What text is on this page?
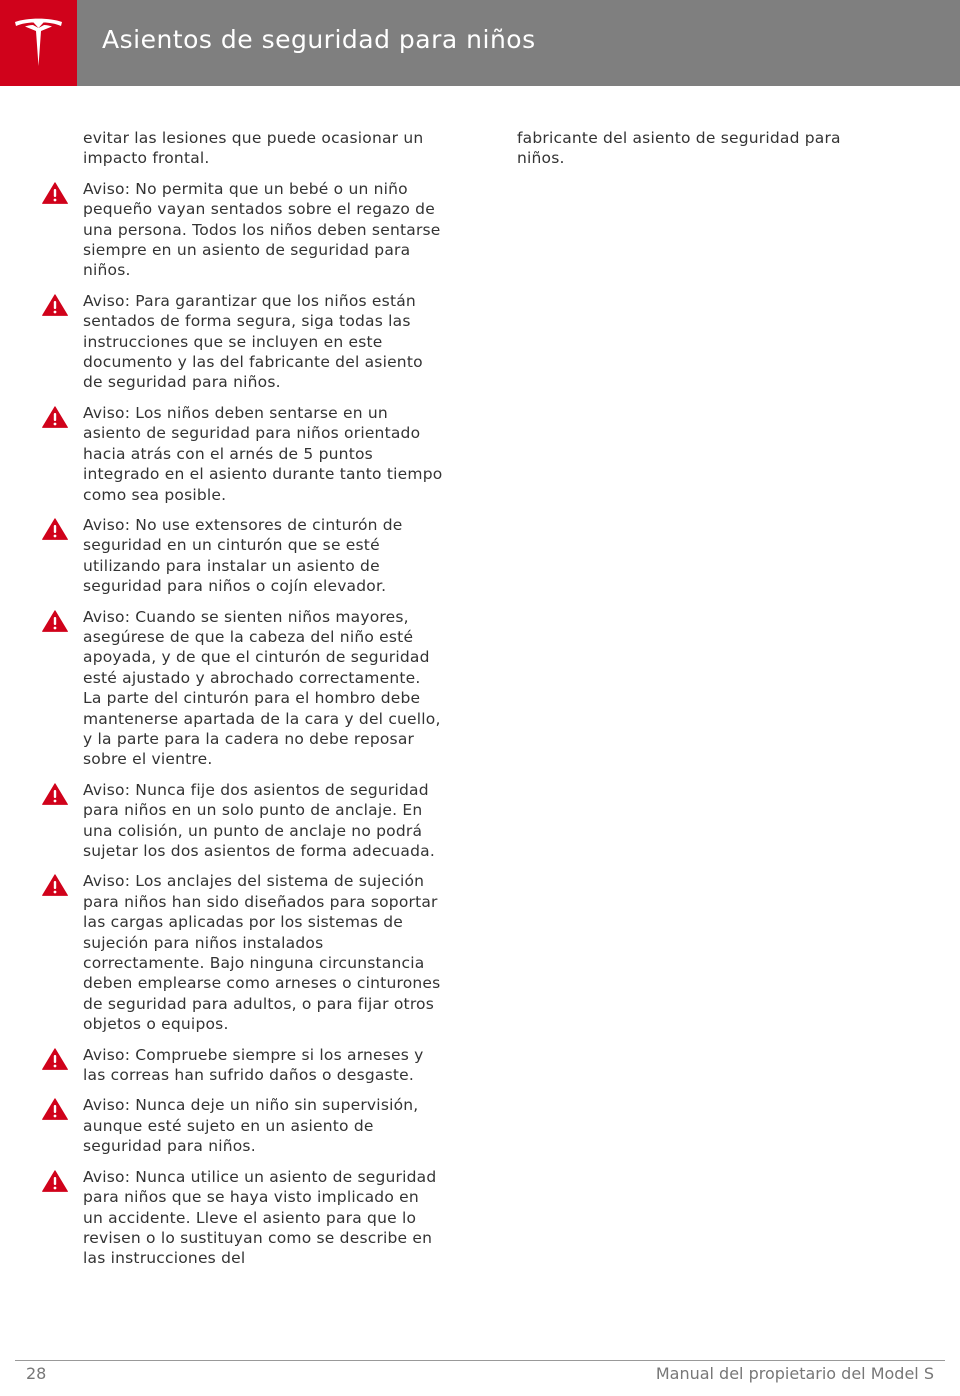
Asientos de seguridad para niños

evitar las lesiones que puede ocasionar un impacto frontal.

Aviso: No permita que un bebé o un niño pequeño vayan sentados sobre el regazo de una persona. Todos los niños deben sentarse siempre en un asiento de seguridad para niños.

Aviso: Para garantizar que los niños están sentados de forma segura, siga todas las instrucciones que se incluyen en este documento y las del fabricante del asiento de seguridad para niños.

Aviso: Los niños deben sentarse en un asiento de seguridad para niños orientado hacia atrás con el arnés de 5 puntos integrado en el asiento durante tanto tiempo como sea posible.

Aviso: No use extensores de cinturón de seguridad en un cinturón que se esté utilizando para instalar un asiento de seguridad para niños o cojín elevador.

Aviso: Cuando se sienten niños mayores, asegúrese de que la cabeza del niño esté apoyada, y de que el cinturón de seguridad esté ajustado y abrochado correctamente. La parte del cinturón para el hombro debe mantenerse apartada de la cara y del cuello, y la parte para la cadera no debe reposar sobre el vientre.

Aviso: Nunca fije dos asientos de seguridad para niños en un solo punto de anclaje. En una colisión, un punto de anclaje no podrá sujetar los dos asientos de forma adecuada.

Aviso: Los anclajes del sistema de sujeción para niños han sido diseñados para soportar las cargas aplicadas por los sistemas de sujeción para niños instalados correctamente. Bajo ninguna circunstancia deben emplearse como arneses o cinturones de seguridad para adultos, o para fijar otros objetos o equipos.

Aviso: Compruebe siempre si los arneses y las correas han sufrido daños o desgaste.

Aviso: Nunca deje un niño sin supervisión, aunque esté sujeto en un asiento de seguridad para niños.

Aviso: Nunca utilice un asiento de seguridad para niños que se haya visto implicado en un accidente. Lleve el asiento para que lo revisen o lo sustituyan como se describe en las instrucciones del

fabricante del asiento de seguridad para niños.

28	Manual del propietario del Model S
